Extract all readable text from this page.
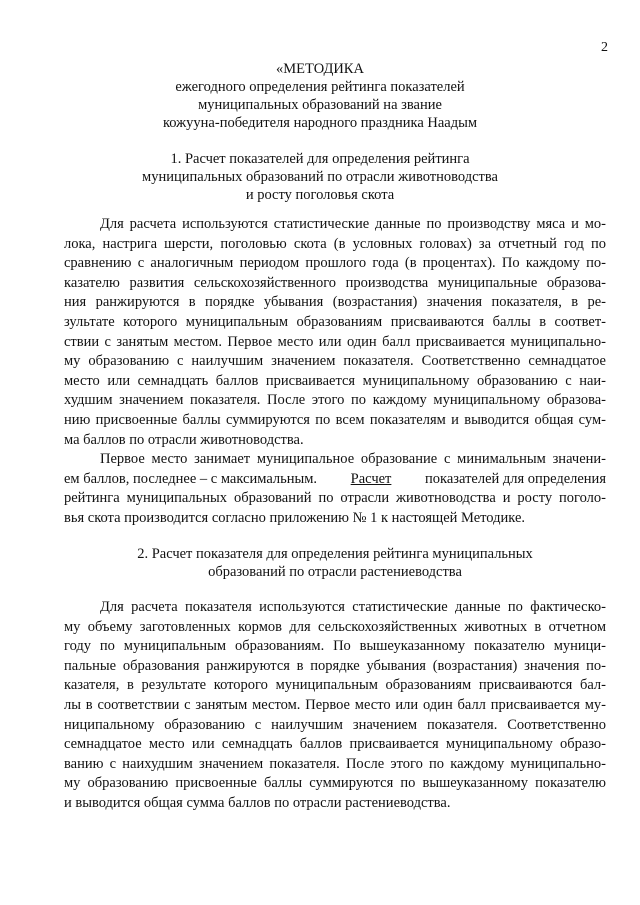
2
«МЕТОДИКА
ежегодного определения рейтинга показателей
муниципальных образований на звание
кожууна-победителя народного праздника Наадым
1. Расчет показателей для определения рейтинга
муниципальных образований по отрасли животноводства
и росту поголовья скота
Для расчета используются статистические данные по производству мяса и мо-
лока, настрига шерсти, поголовью скота (в условных головах) за отчетный год по
сравнению с аналогичным периодом прошлого года (в процентах). По каждому по-
казателю развития сельскохозяйственного производства муниципальные образова-
ния ранжируются в порядке убывания (возрастания) значения показателя, в ре-
зультате которого муниципальным образованиям присваиваются баллы в соответ-
ствии с занятым местом. Первое место или один балл присваивается муниципально-
му образованию с наилучшим значением показателя. Соответственно семнадцатое
место или семнадцать баллов присваивается муниципальному образованию с наи-
худшим значением показателя. После этого по каждому муниципальному образова-
нию присвоенные баллы суммируются по всем показателям и выводится общая сум-
ма баллов по отрасли животноводства.
Первое место занимает муниципальное образование с минимальным значени-
ем баллов, последнее – с максимальным. Расчет показателей для определения
рейтинга муниципальных образований по отрасли животноводства и росту поголо-
вья скота производится согласно приложению № 1 к настоящей Методике.
2. Расчет показателя для определения рейтинга муниципальных
образований по отрасли растениеводства
Для расчета показателя используются статистические данные по фактическо-
му объему заготовленных кормов для сельскохозяйственных животных в отчетном
году по муниципальным образованиям. По вышеуказанному показателю муници-
пальные образования ранжируются в порядке убывания (возрастания) значения по-
казателя, в результате которого муниципальным образованиям присваиваются бал-
лы в соответствии с занятым местом. Первое место или один балл присваивается му-
ниципальному образованию с наилучшим значением показателя. Соответственно
семнадцатое место или семнадцать баллов присваивается муниципальному образо-
ванию с наихудшим значением показателя. После этого по каждому муниципально-
му образованию присвоенные баллы суммируются по вышеуказанному показателю
и выводится общая сумма баллов по отрасли растениеводства.
